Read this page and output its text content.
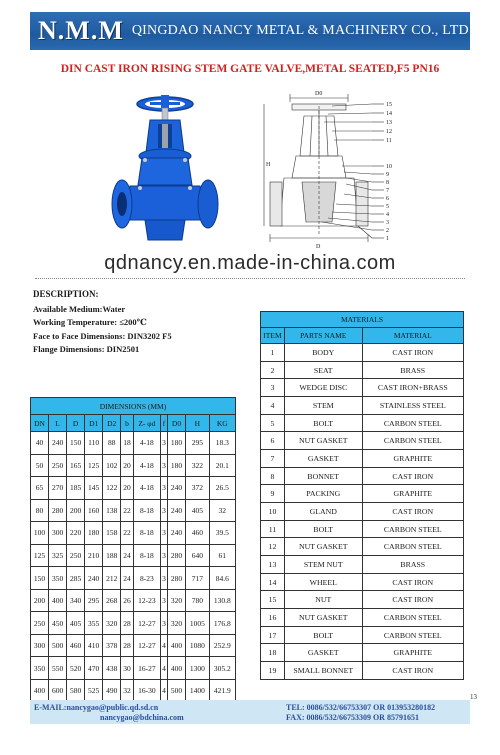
N.M.M QINGDAO NANCY METAL & MACHINERY CO., LTD
DIN CAST IRON RISING STEM GATE VALVE,METAL SEATED,F5 PN16
D0
H
D
15
14
13
12
11
10
9
8
7
6
5
4
3
2
1
qdnancy.en.made-in-china.com
DESCRIPTION:
Available Medium:Water
Working Temperature: ≤200℃
Face to Face Dimensions: DIN3202 F5
Flange Dimensions: DIN2501
DIMENSIONS (MM)										
DN	L	D	D1	D2	b	Z- φd	f	D0	H	KG
40	240	150	110	88	18	4-18	3	180	295	18.3
50	250	165	125	102	20	4-18	3	180	322	20.1
65	270	185	145	122	20	4-18	3	240	372	26.5
80	280	200	160	138	22	8-18	3	240	405	32
100	300	220	180	158	22	8-18	3	240	460	39.5
125	325	250	210	188	24	8-18	3	280	640	61
150	350	285	240	212	24	8-23	3	280	717	84.6
200	400	340	295	268	26	12-23	3	320	780	130.8
250	450	405	355	320	28	12-27	3	320	1005	176.8
300	500	460	410	378	28	12-27	4	400	1080	252.9
350	550	520	470	438	30	16-27	4	400	1300	305.2
400	600	580	525	490	32	16-30	4	500	1400	421.9
MATERIALS		
ITEM	PARTS NAME	MATERIAL
1	BODY	CAST IRON
2	SEAT	BRASS
3	WEDGE DISC	CAST IRON+BRASS
4	STEM	STAINLESS STEEL
5	BOLT	CARBON STEEL
6	NUT GASKET	CARBON STEEL
7	GASKET	GRAPHITE
8	BONNET	CAST IRON
9	PACKING	GRAPHITE
10	GLAND	CAST IRON
11	BOLT	CARBON STEEL
12	NUT GASKET	CARBON STEEL
13	STEM NUT	BRASS
14	WHEEL	CAST IRON
15	NUT	CAST IRON
16	NUT GASKET	CARBON STEEL
17	BOLT	CARBON STEEL
18	GASKET	GRAPHITE
19	SMALL BONNET	CAST IRON
13
E-MAIL:nancygao@public.qd.sd.cn
nancygao@bdchina.com
TEL: 0086/532/66753307 OR 013953280182
FAX: 0086/532/66753309 OR 85791651
